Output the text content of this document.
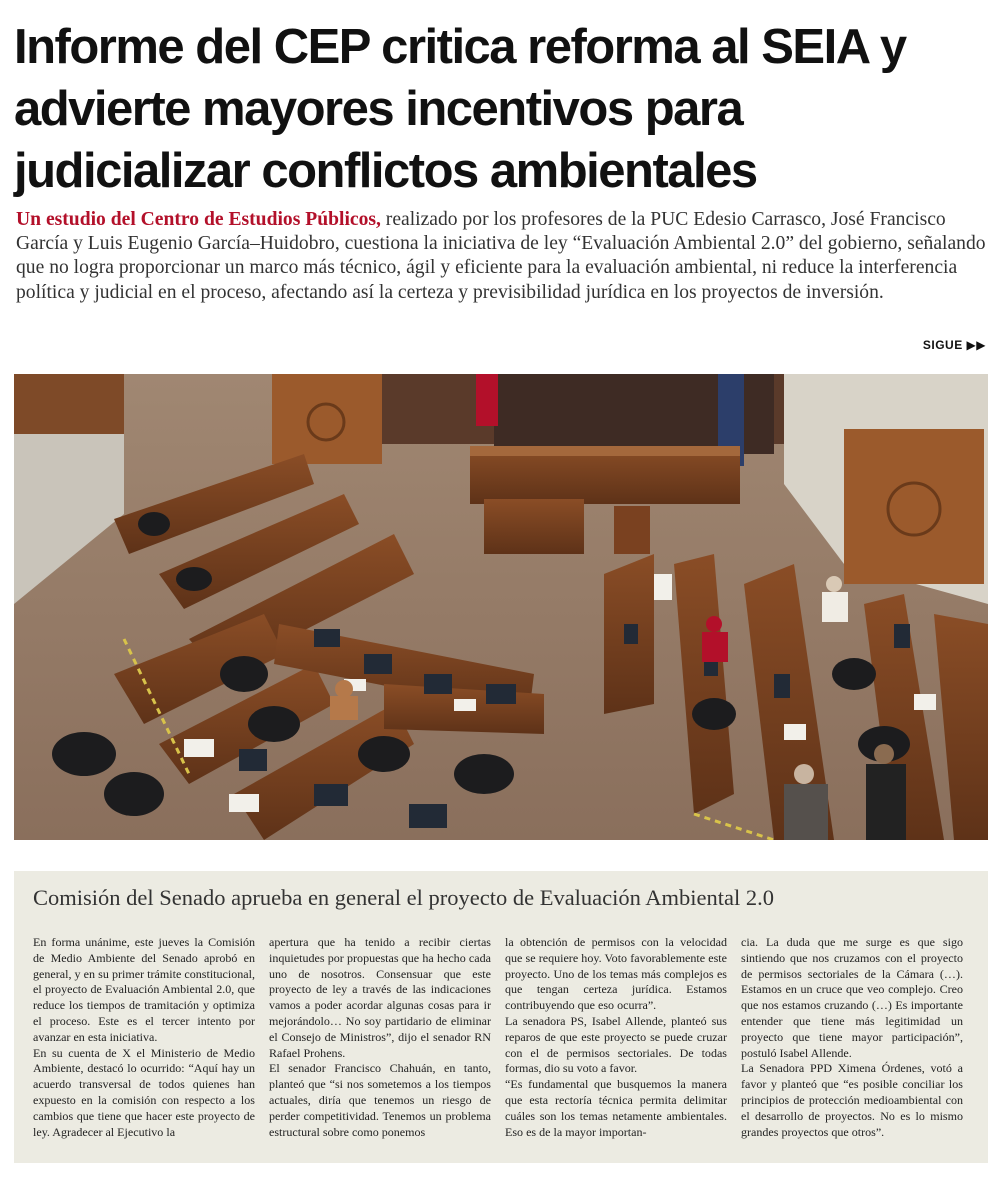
Informe del CEP critica reforma al SEIA y advierte mayores incentivos para judicializar conflictos ambientales

Un estudio del Centro de Estudios Públicos, realizado por los profesores de la PUC Edesio Carrasco, José Francisco García y Luis Eugenio García–Huidobro, cuestiona la iniciativa de ley “Evaluación Ambiental 2.0” del gobierno, señalando que no logra proporcionar un marco más técnico, ágil y eficiente para la evaluación ambiental, ni reduce la interferencia política y judicial en el proceso, afectando así la certeza y previsibilidad jurídica en los proyectos de inversión.

SIGUE ▶▶
Comisión del Senado aprueba en general el proyecto de Evaluación Ambiental 2.0

En forma unánime, este jueves la Comisión de Medio Ambiente del Senado aprobó en general, y en su primer trámite constitucional, el proyecto de Evaluación Ambiental 2.0, que reduce los tiempos de tramitación y optimiza el proceso. Este es el tercer intento por avanzar en esta iniciativa.

En su cuenta de X el Ministerio de Medio Ambiente, destacó lo ocurrido: “Aquí hay un acuerdo transversal de todos quienes han expuesto en la comisión con respecto a los cambios que tiene que hacer este proyecto de ley. Agradecer al Ejecutivo la

apertura que ha tenido a recibir ciertas inquietudes por propuestas que ha hecho cada uno de nosotros. Consensuar que este proyecto de ley a través de las indicaciones vamos a poder acordar algunas cosas para ir mejorándolo… No soy partidario de eliminar el Consejo de Ministros”, dijo el senador RN Rafael Prohens.

El senador Francisco Chahuán, en tanto, planteó que “si nos sometemos a los tiempos actuales, diría que tenemos un riesgo de perder competitividad. Tenemos un problema estructural sobre como ponemos

la obtención de permisos con la velocidad que se requiere hoy. Voto favorablemente este proyecto. Uno de los temas más complejos es que tengan certeza jurídica. Estamos contribuyendo que eso ocurra”.

La senadora PS, Isabel Allende, planteó sus reparos de que este proyecto se puede cruzar con el de permisos sectoriales. De todas formas, dio su voto a favor.

“Es fundamental que busquemos la manera que esta rectoría técnica permita delimitar cuáles son los temas netamente ambientales. Eso es de la mayor importan-

cia. La duda que me surge es que sigo sintiendo que nos cruzamos con el proyecto de permisos sectoriales de la Cámara (…). Estamos en un cruce que veo complejo. Creo que nos estamos cruzando (…) Es importante entender que tiene más legitimidad un proyecto que tiene mayor participación”, postuló Isabel Allende.

La Senadora PPD Ximena Órdenes, votó a favor y planteó que “es posible conciliar los principios de protección medioambiental con el desarrollo de proyectos. No es lo mismo grandes proyectos que otros”.
